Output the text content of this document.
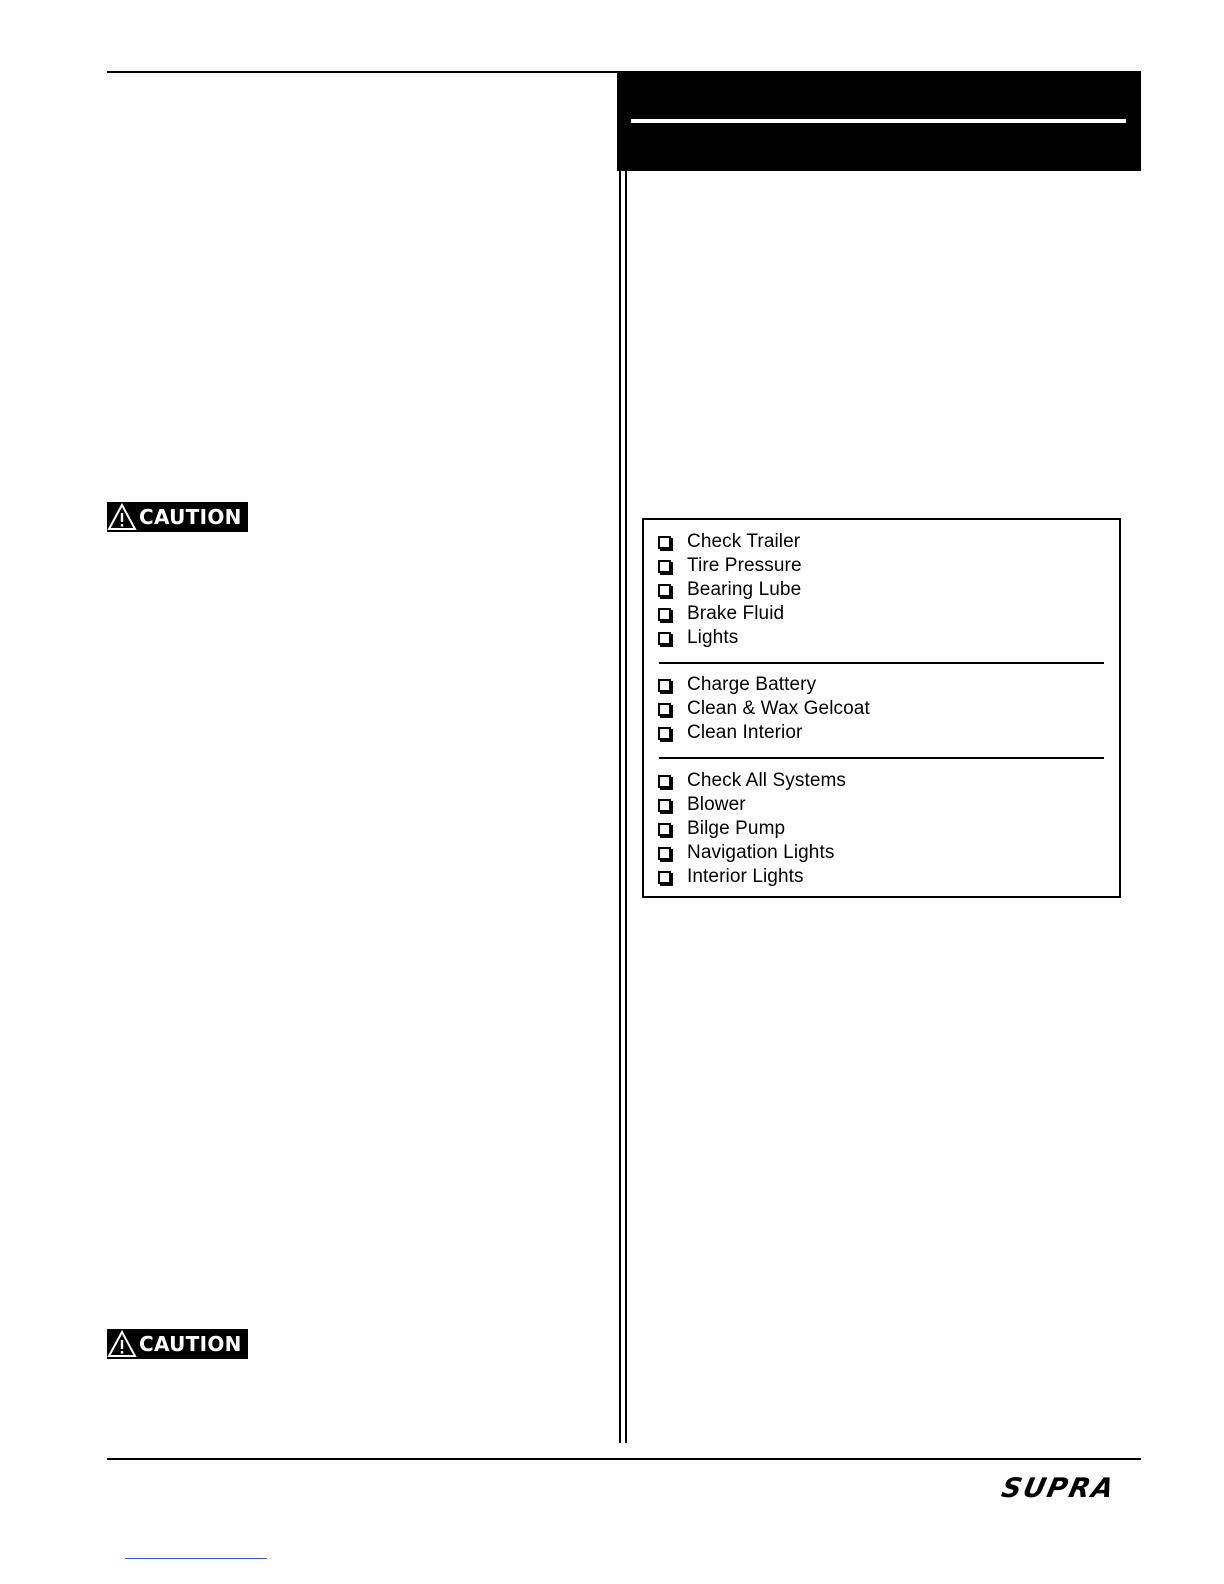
CAUTION
Check Trailer
Tire Pressure
Bearing Lube
Brake Fluid
Lights
Charge Battery
Clean & Wax Gelcoat
Clean Interior
Check All Systems
Blower
Bilge Pump
Navigation Lights
Interior Lights
CAUTION
SUPRA
